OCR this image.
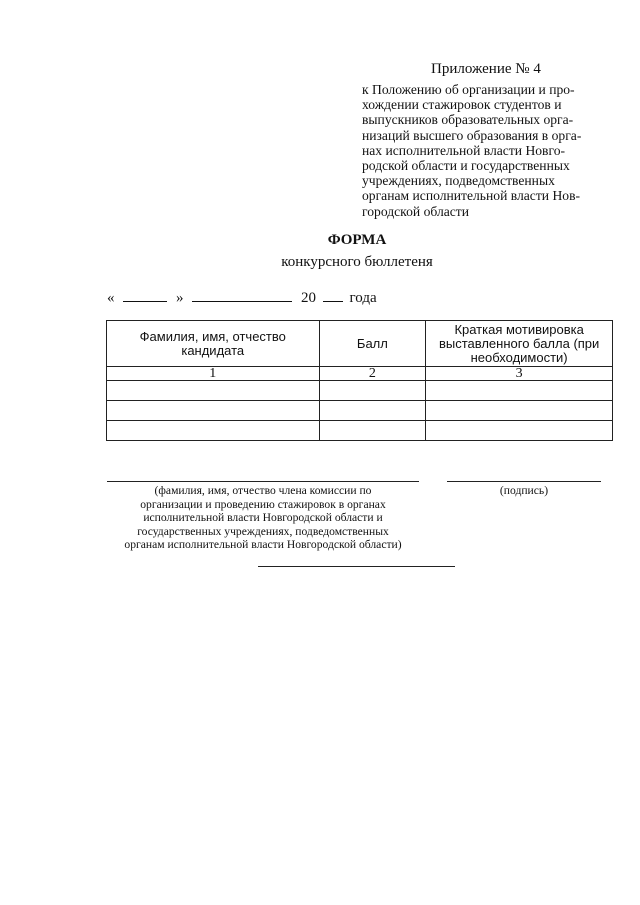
Приложение № 4

к Положению об организации и про-
хождении стажировок студентов и
выпускников образовательных орга-
низаций высшего образования в орга-
нах исполнительной власти Новго-
родской области и государственных
учреждениях, подведомственных
органам исполнительной власти Нов-
городской области

ФОРМА
конкурсного бюллетеня
«	»	20 года
Фамилия, имя, отчество кандидата	Балл	Краткая мотивировка выставленного балла (при необходимости)
1	2	3

(фамилия, имя, отчество члена комиссии по
организации и проведению стажировок в органах
исполнительной власти Новгородской области и
государственных учреждениях, подведомственных
органам исполнительной власти Новгородской области)
(подпись)
